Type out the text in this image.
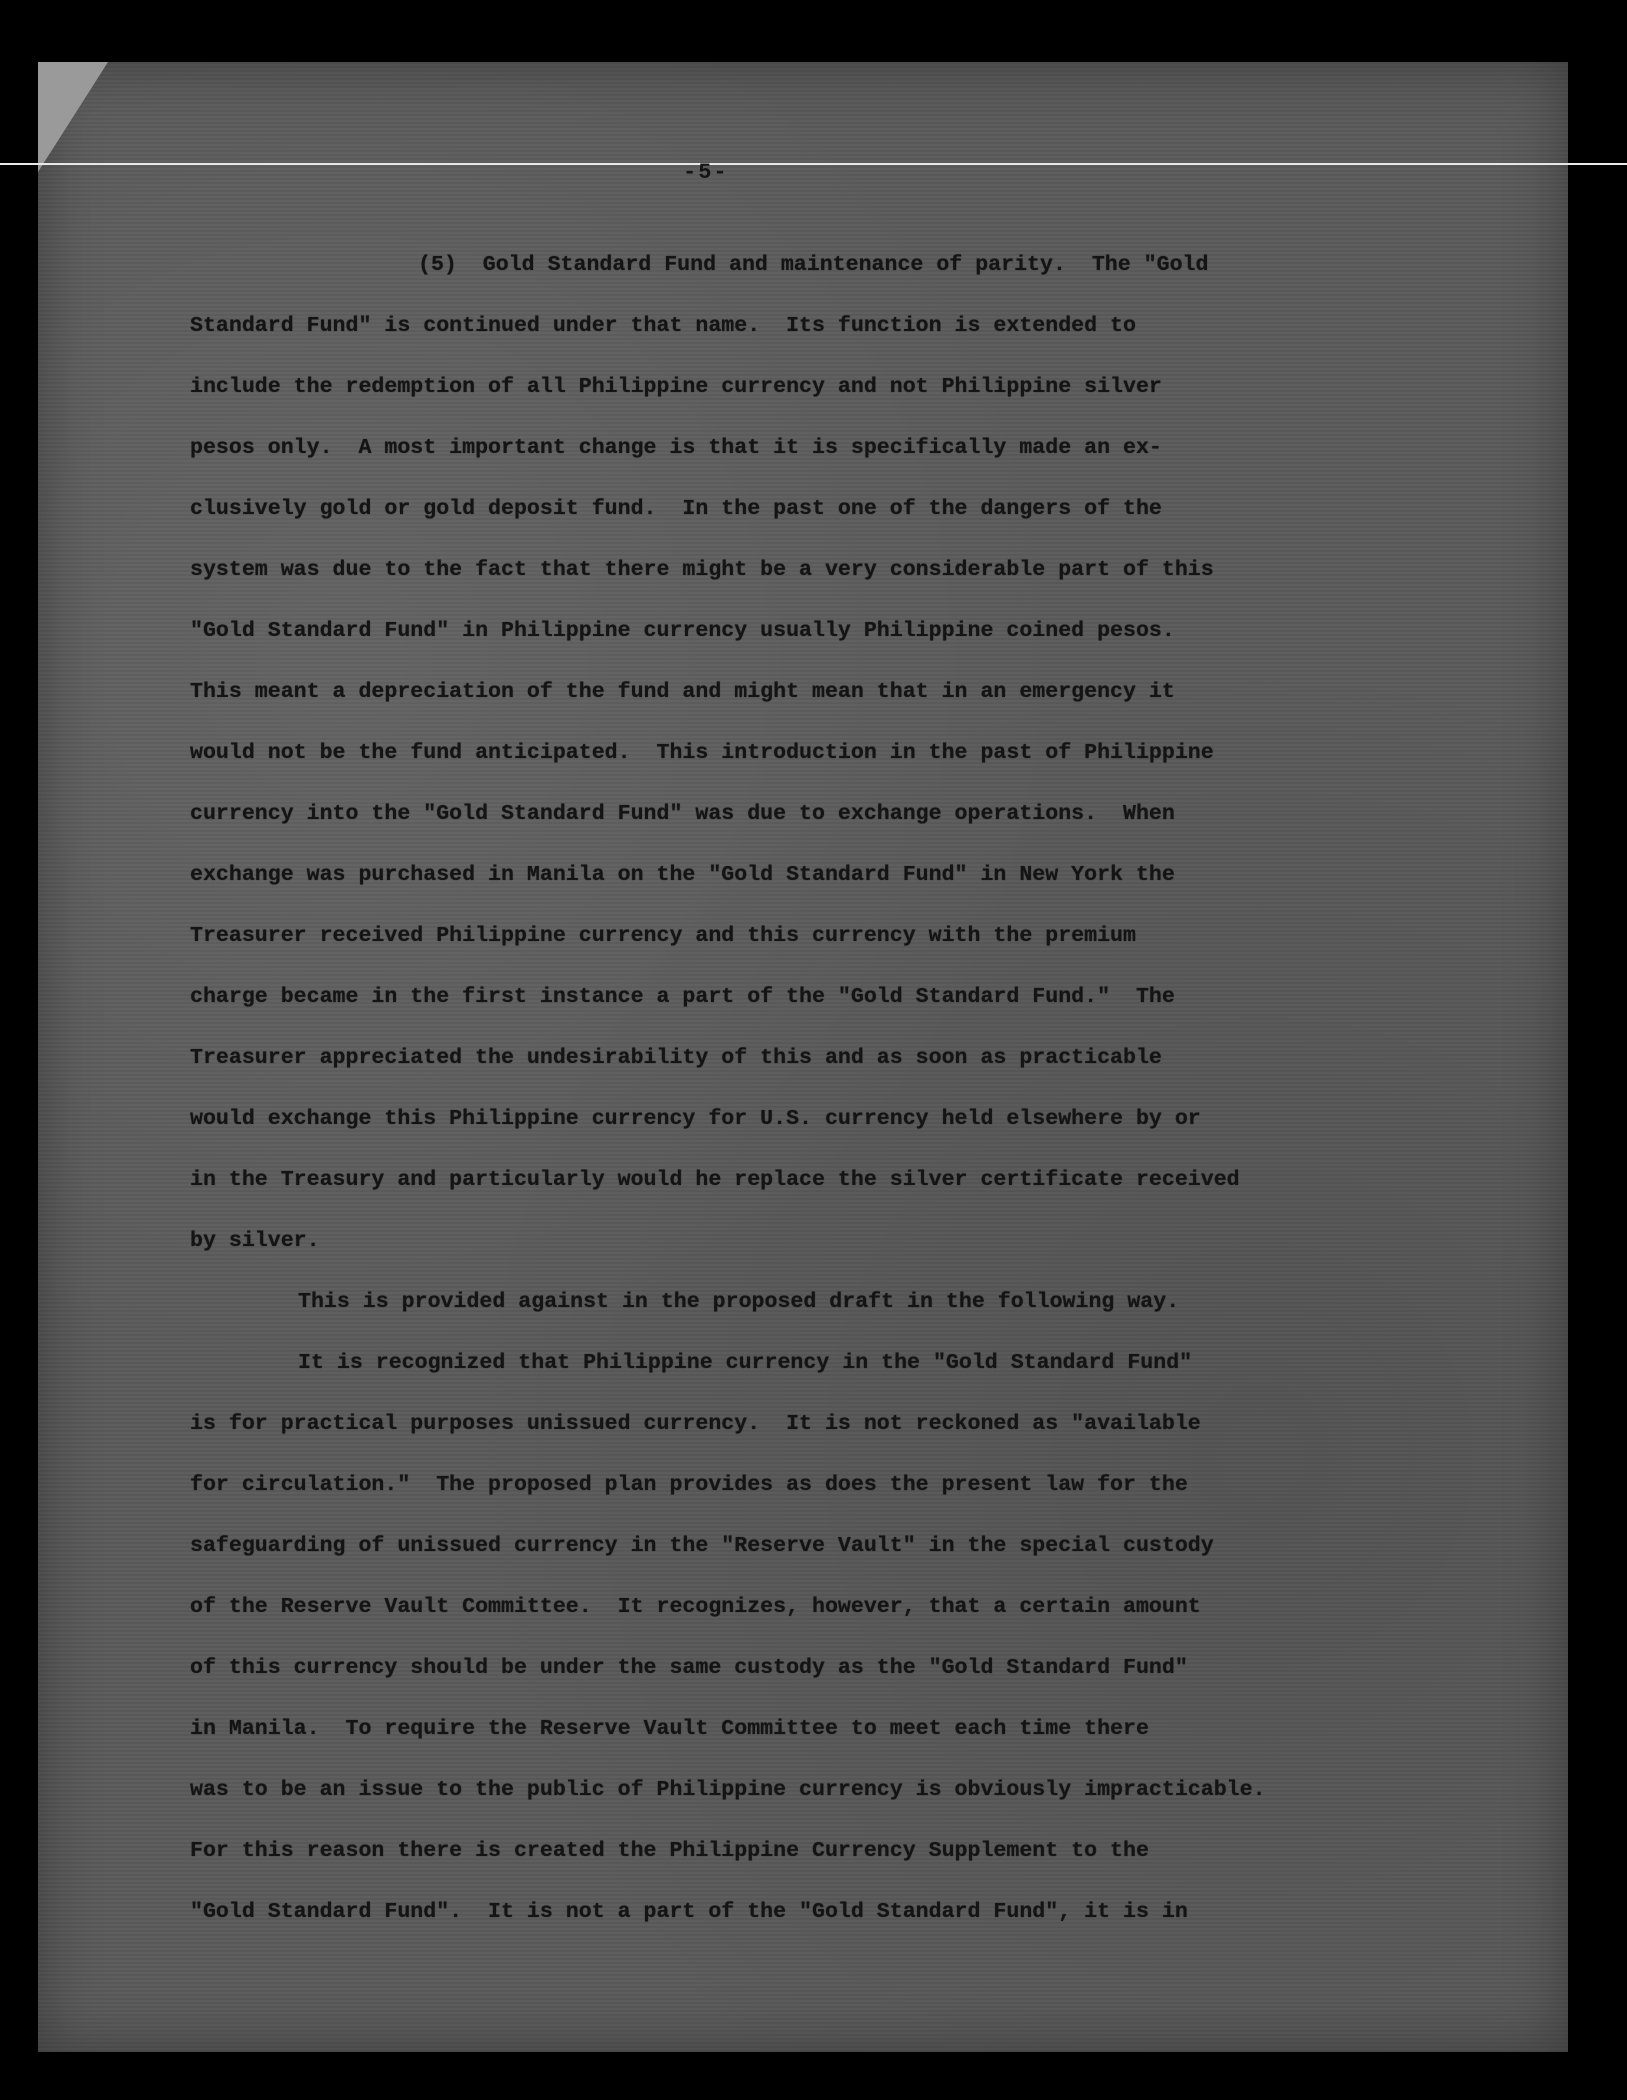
-5-
(5)  Gold Standard Fund and maintenance of parity.  The "Gold
Standard Fund" is continued under that name.  Its function is extended to
include the redemption of all Philippine currency and not Philippine silver
pesos only.  A most important change is that it is specifically made an ex-
clusively gold or gold deposit fund.  In the past one of the dangers of the
system was due to the fact that there might be a very considerable part of this
"Gold Standard Fund" in Philippine currency usually Philippine coined pesos.
This meant a depreciation of the fund and might mean that in an emergency it
would not be the fund anticipated.  This introduction in the past of Philippine
currency into the "Gold Standard Fund" was due to exchange operations.  When
exchange was purchased in Manila on the "Gold Standard Fund" in New York the
Treasurer received Philippine currency and this currency with the premium
charge became in the first instance a part of the "Gold Standard Fund."  The
Treasurer appreciated the undesirability of this and as soon as practicable
would exchange this Philippine currency for U.S. currency held elsewhere by or
in the Treasury and particularly would he replace the silver certificate received
by silver.
This is provided against in the proposed draft in the following way.
It is recognized that Philippine currency in the "Gold Standard Fund"
is for practical purposes unissued currency.  It is not reckoned as "available
for circulation."  The proposed plan provides as does the present law for the
safeguarding of unissued currency in the "Reserve Vault" in the special custody
of the Reserve Vault Committee.  It recognizes, however, that a certain amount
of this currency should be under the same custody as the "Gold Standard Fund"
in Manila.  To require the Reserve Vault Committee to meet each time there
was to be an issue to the public of Philippine currency is obviously impracticable.
For this reason there is created the Philippine Currency Supplement to the
"Gold Standard Fund".  It is not a part of the "Gold Standard Fund", it is in
